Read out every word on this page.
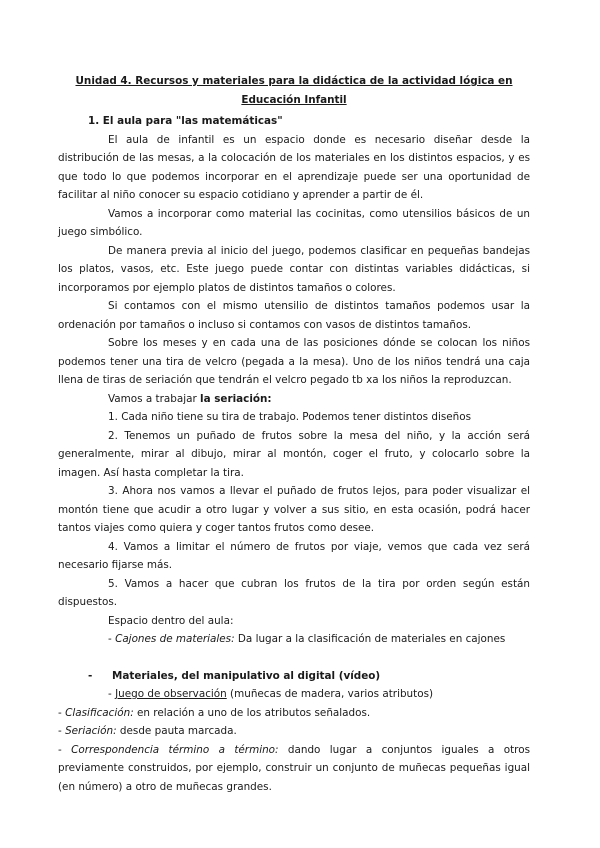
Unidad 4. Recursos y materiales para la didáctica de la actividad lógica en
Educación Infantil
1. El aula para "las matemáticas"
El aula de infantil es un espacio donde es necesario diseñar desde la distribución de las mesas, a la colocación de los materiales en los distintos espacios, y es que todo lo que podemos incorporar en el aprendizaje puede ser una oportunidad de facilitar al niño conocer su espacio cotidiano y aprender a partir de él.
Vamos a incorporar como material las cocinitas, como utensilios básicos de un juego simbólico.
De manera previa al inicio del juego, podemos clasificar en pequeñas bandejas los platos, vasos, etc. Este juego puede contar con distintas variables didácticas, si incorporamos por ejemplo platos de distintos tamaños o colores.
Si contamos con el mismo utensilio de distintos tamaños podemos usar la ordenación por tamaños o incluso si contamos con vasos de distintos tamaños.
Sobre los meses y en cada una de las posiciones dónde se colocan los niños podemos tener una tira de velcro (pegada a la mesa). Uno de los niños tendrá una caja llena de tiras de seriación que tendrán el velcro pegado tb xa los niños la reproduzcan.
Vamos a trabajar la seriación:
1. Cada niño tiene su tira de trabajo. Podemos tener distintos diseños
2. Tenemos un puñado de frutos sobre la mesa del niño, y la acción será generalmente, mirar al dibujo, mirar al montón, coger el fruto, y colocarlo sobre la imagen. Así hasta completar la tira.
3. Ahora nos vamos a llevar el puñado de frutos lejos, para poder visualizar el montón tiene que acudir a otro lugar y volver a sus sitio, en esta ocasión, podrá hacer tantos viajes como quiera y coger tantos frutos como desee.
4. Vamos a limitar el número de frutos por viaje, vemos que cada vez será necesario fijarse más.
5. Vamos a hacer que cubran los frutos de la tira por orden según están dispuestos.
Espacio dentro del aula:
- Cajones de materiales: Da lugar a la clasificación de materiales en cajones
- Materiales, del manipulativo al digital (vídeo)
- Juego de observación (muñecas de madera, varios atributos)
- Clasificación: en relación a uno de los atributos señalados.
- Seriación: desde pauta marcada.
- Correspondencia término a término: dando lugar a conjuntos iguales a otros previamente construidos, por ejemplo, construir un conjunto de muñecas pequeñas igual (en número) a otro de muñecas grandes.
